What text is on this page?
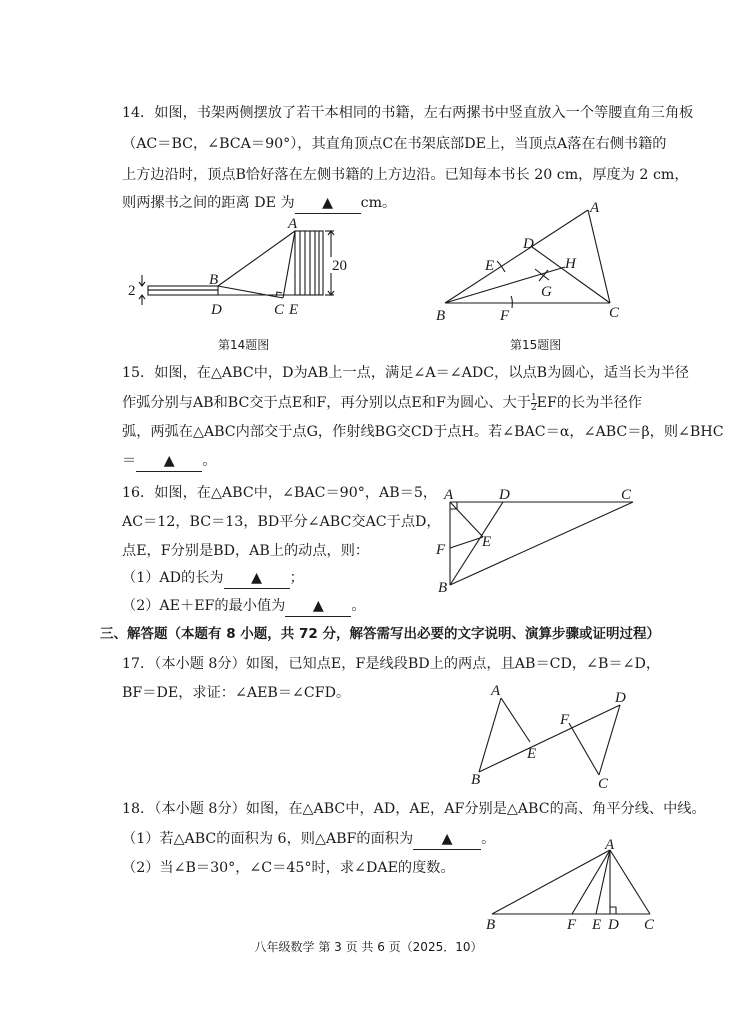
14．如图，书架两侧摆放了若干本相同的书籍，左右两摞书中竖直放入一个等腰直角三角板
（AC＝BC，∠BCA＝90°），其直角顶点C在书架底部DE上，当顶点A落在右侧书籍的
上方边沿时，顶点B恰好落在左侧书籍的上方边沿。已知每本书长 20 cm，厚度为 2 cm，
则两摞书之间的距离 DE 为 ▲ cm。
A
B
C
D	E
20
2
第14题图
A
B	C
D
E
F
G
H
第15题图
15．如图，在△ABC中，D为AB上一点，满足∠A＝∠ADC，以点B为圆心，适当长为半径
作弧分别与AB和BC交于点E和F，再分别以点E和F为圆心、大于 $\frac{1}{2}$ EF的长为半径作
弧，两弧在△ABC内部交于点G，作射线BG交CD于点H。若∠BAC＝α，∠ABC＝β，则∠BHC
＝ ▲ 。
16．如图，在△ABC中，∠BAC＝90°，AB＝5，
AC＝12，BC＝13，BD平分∠ABC交AC于点D，
点E，F分别是BD，AB上的动点，则：
（1）AD的长为 ▲ ；
（2）AE＋EF的最小值为 ▲ 。
A
B
C
D
E
F
三、解答题（本题有 8 小题，共 72 分，解答需写出必要的文字说明、演算步骤或证明过程）
17．（本小题 8分）如图，已知点E，F是线段BD上的两点，且AB＝CD，∠B＝∠D，
BF＝DE，求证：∠AEB＝∠CFD。	A
B	C
D
E
F
18．（本小题 8分）如图，在△ABC中，AD，AE，AF分别是△ABC的高、角平分线、中线。
（1）若△ABC的面积为 6，则△ABF的面积为 ▲ 。
（2）当∠B＝30°，∠C＝45°时，求∠DAE的度数。
A
B	C
D
E
F
八年级数学 第 3 页 共 6 页（2025．10）
